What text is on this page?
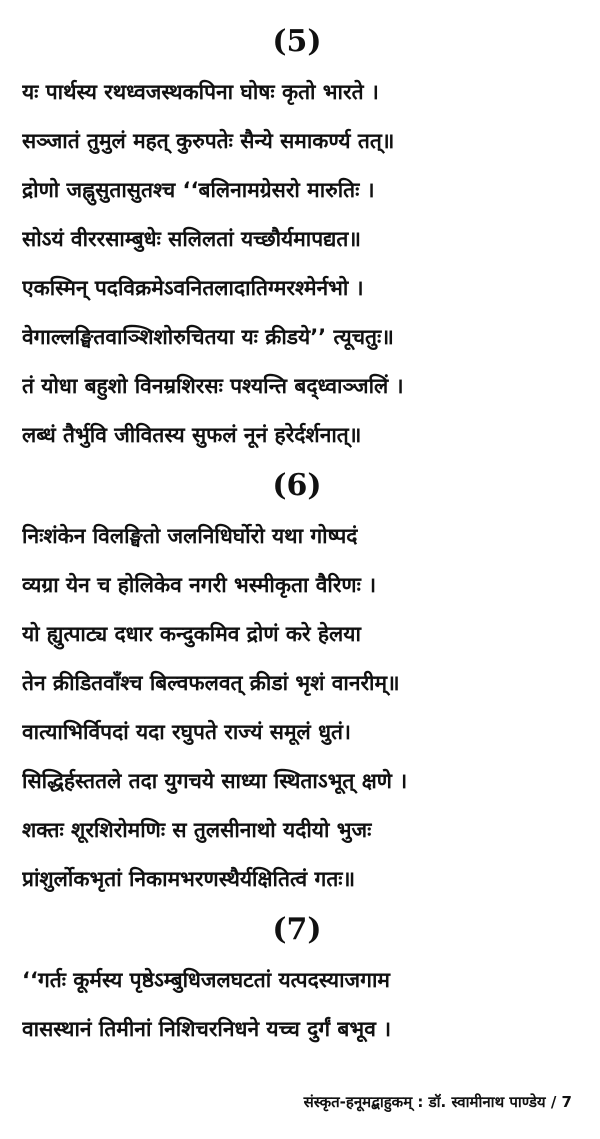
(5)
यः पार्थस्य रथध्वजस्थकपिना घोषः कृतो भारते ।
सञ्जातं तुमुलं महत् कुरुपतेः सैन्ये समाकर्ण्य तत्॥
द्रोणो जह्नुसुतासुतश्च ‘‘बलिनामग्रेसरो मारुतिः ।
सोऽयं वीररसाम्बुधेः सलिलतां यच्छौर्यमापद्यत॥
एकस्मिन् पदविक्रमेऽवनितलादातिग्मरश्मेर्नभो ।
वेगाल्लङ्घितवाञ्शिशोरुचितया यः क्रीडये’’ त्यूचतुः॥
तं योधा बहुशो विनम्रशिरसः पश्यन्ति बद्ध्वाञ्जलिं ।
लब्धं तैर्भुवि जीवितस्य सुफलं नूनं हरेर्दर्शनात्॥
(6)
निःशंकेन विलङ्घितो जलनिधिर्घोरो यथा गोष्पदं
व्यग्रा येन च होलिकेव नगरी भस्मीकृता वैरिणः ।
यो ह्युत्पाट्य दधार कन्दुकमिव द्रोणं करे हेलया
तेन क्रीडितवाँश्च बिल्वफलवत् क्रीडां भृशं वानरीम्॥
वात्याभिर्विपदां यदा रघुपते राज्यं समूलं धुतं।
सिद्धिर्हस्ततले तदा युगचये साध्या स्थिताऽभूत् क्षणे ।
शक्तः शूरशिरोमणिः स तुलसीनाथो यदीयो भुजः
प्रांशुर्लोकभृतां निकामभरणस्थैर्यक्षितित्वं गतः॥
(7)
‘‘गर्तः कूर्मस्य पृष्ठेऽम्बुधिजलघटतां यत्पदस्याजगाम
वासस्थानं तिमीनां निशिचरनिधने यच्च दुर्गं बभूव ।
संस्कृत-हनूमद्बाहुकम् : डॉ. स्वामीनाथ पाण्डेय / 7
